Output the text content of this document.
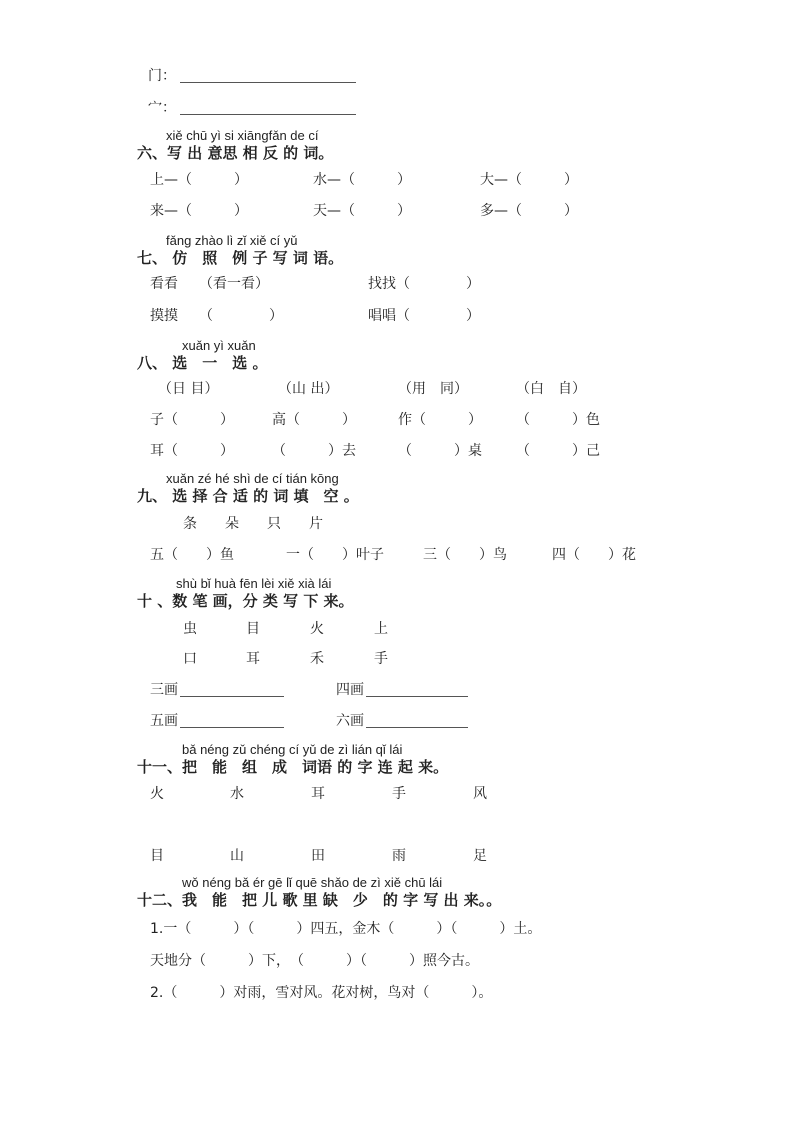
门：
宀：
xiě chū yì si xiāngfǎn de cí
六、写 出 意思 相 反 的 词。
上—（　　　）	水—（　　　）	大—（　　　）
来—（　　　）	天—（　　　）	多—（　　　）
fǎng zhào lì zǐ xiě cí yǔ
七、 仿　照　例 子 写 词 语。
看看　　（看一看）	找找（　　　　）
摸摸　　（　　　　）	唱唱（　　　　）
xuǎn yì xuǎn
八、 选　一　选 。
（日 目）	（山 出）	（用　同）	（白　自）
子（　　　）	高（　　　）	作（　　　） （　　　）色
耳（　　　）	（　　　）去	（　　　）桌 （　　　）己
xuǎn zé hé shì de cí tián kōng
九、 选 择 合 适 的 词 填　空 。
条　　朵　　只　　片
五（　　）鱼	一（　　）叶子	三（　　）鸟	四（　　）花
shù bǐ huà fēn lèi xiě xià lái
十 、数 笔 画，分 类 写 下 来。
虫	目	火	上
口	耳	禾	手
三画	四画
五画	六画
bǎ néng zǔ chéng cí yǔ de zì lián qǐ lái
十一、把　能　组　成　词语 的 字 连 起 来。
火	水	耳	手	风
目	山	田	雨	足
wǒ néng bǎ ér gē lǐ quē shǎo de zì xiě chū lái
十二、我　能　把 儿 歌 里 缺　少　的 字 写 出 来。。
1.一（　　　）（　　　）四五，金木（　　　）（　　　）土。
天地分（　　　）下，　（　　　）（　　　）照今古。
2.（　　　）对雨，雪对风。花对树，鸟对（　　　）。
